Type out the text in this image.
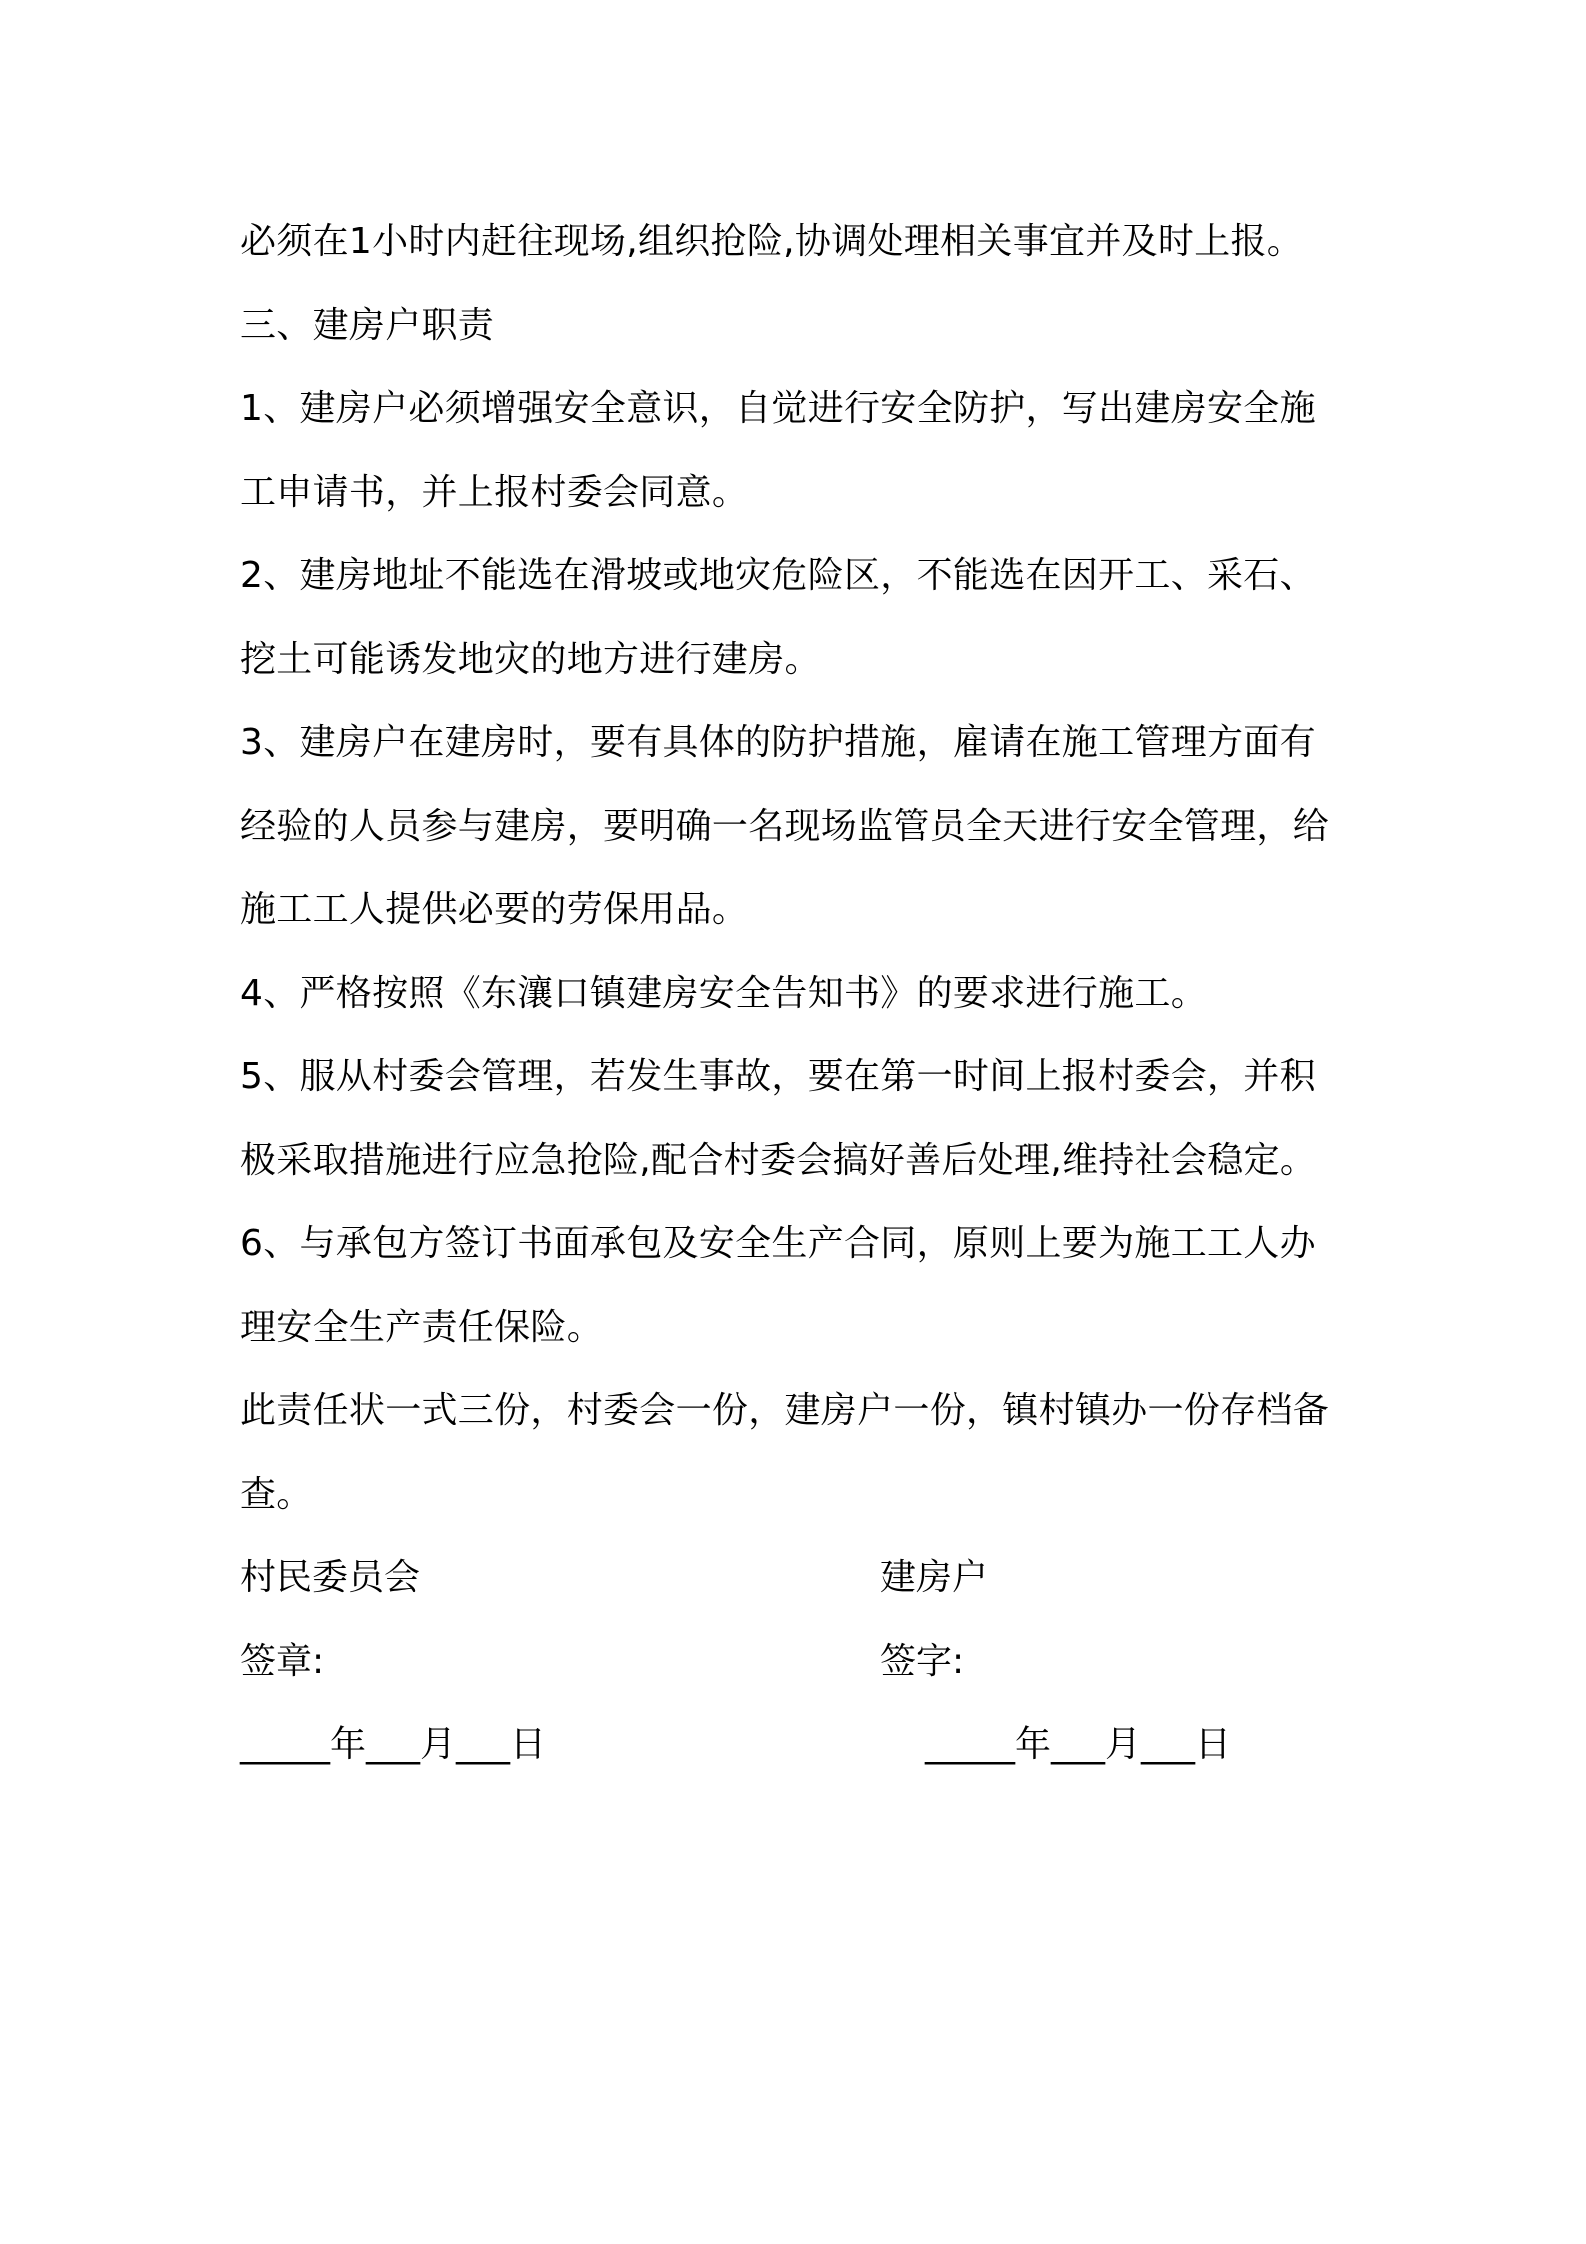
必须在1小时内赶往现场,组织抢险,协调处理相关事宜并及时上报。
三、建房户职责
1、建房户必须增强安全意识，自觉进行安全防护，写出建房安全施
工申请书，并上报村委会同意。
2、建房地址不能选在滑坡或地灾危险区，不能选在因开工、采石、
挖土可能诱发地灾的地方进行建房。
3、建房户在建房时，要有具体的防护措施，雇请在施工管理方面有
经验的人员参与建房，要明确一名现场监管员全天进行安全管理，给
施工工人提供必要的劳保用品。
4、严格按照《东瀼口镇建房安全告知书》的要求进行施工。
5、服从村委会管理，若发生事故，要在第一时间上报村委会，并积
极采取措施进行应急抢险,配合村委会搞好善后处理,维持社会稳定。
6、与承包方签订书面承包及安全生产合同，原则上要为施工工人办
理安全生产责任保险。
此责任状一式三份，村委会一份，建房户一份，镇村镇办一份存档备
查。
村民委员会	建房户
签章:	签字:
_____年___月___日	_____年___月___日
